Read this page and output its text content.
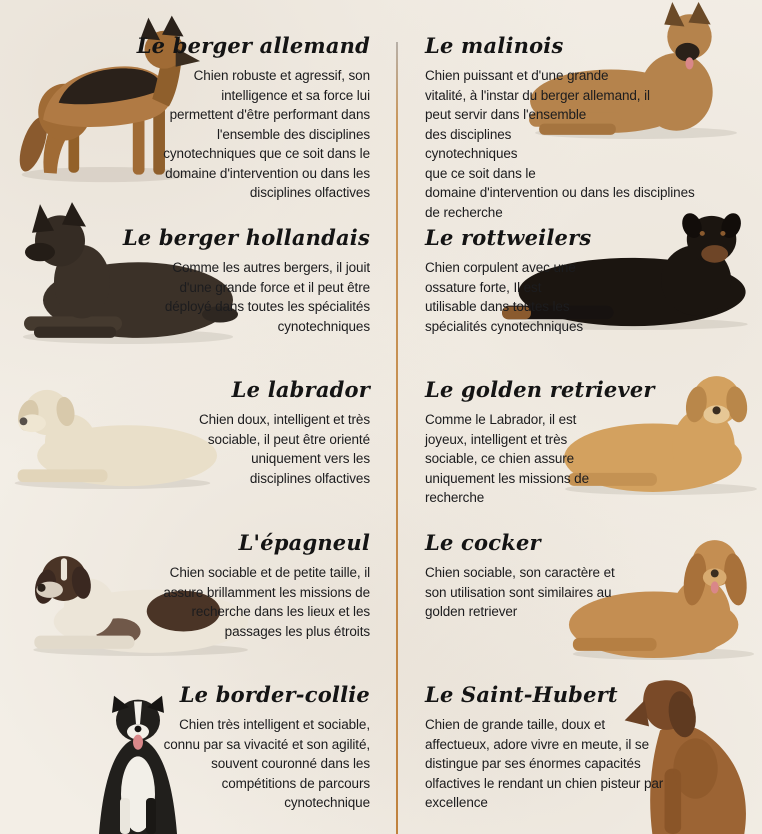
Le berger allemand

Chien robuste et agressif, son intelligence et sa force lui permettent d'être performant dans l'ensemble des disciplines cynotechniques que ce soit dans le domaine d'intervention ou dans les disciplines olfactives

Le berger hollandais

Comme les autres bergers, il jouit d'une grande force et il peut être déployé dans toutes les spécialités cynotechniques

Le labrador

Chien doux, intelligent et très sociable, il peut être orienté uniquement vers les disciplines olfactives

L'épagneul

Chien sociable et de petite taille, il assure brillamment les missions de recherche dans les lieux et les passages les plus étroits

Le border-collie

Chien très intelligent et sociable, connu par sa vivacité et son agilité, souvent couronné dans les compétitions de parcours cynotechnique

Le malinois

Chien puissant et d'une grande vitalité, à l'instar du berger allemand, il peut servir dans l'ensemble des disciplines cynotechniques que ce soit dans le domaine d'intervention ou dans les disciplines de recherche

Le rottweilers

Chien corpulent avec une ossature forte, Il est utilisable dans toutes les spécialités cynotechniques

Le golden retriever

Comme le Labrador, il est joyeux, intelligent et très sociable, ce chien assure uniquement les missions de recherche

Le cocker

Chien sociable, son caractère et son utilisation sont similaires au golden retriever

Le Saint-Hubert

Chien de grande taille, doux et affectueux, adore vivre en meute, il se distingue par ses énormes capacités olfactives le rendant un chien pisteur par excellence
